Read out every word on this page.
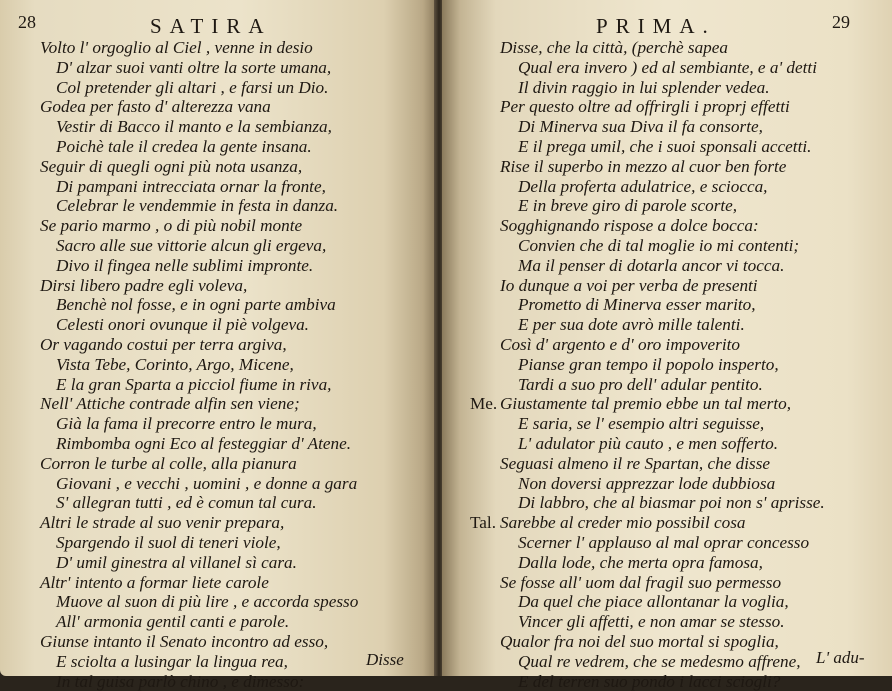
28	SATIRA
Volto l' orgoglio al Ciel , venne in desio
D' alzar suoi vanti oltre la sorte umana,
Col pretender gli altari , e farsi un Dio.
Godea per fasto d' alterezza vana
Vestir di Bacco il manto e la sembianza,
Poichè tale il credea la gente insana.
Seguir di quegli ogni più nota usanza,
Di pampani intrecciata ornar la fronte,
Celebrar le vendemmie in festa in danza.
Se pario marmo , o di più nobil monte
Sacro alle sue vittorie alcun gli ergeva,
Divo il fingea nelle sublimi impronte.
Dirsi libero padre egli voleva,
Benchè nol fosse, e in ogni parte ambiva
Celesti onori ovunque il piè volgeva.
Or vagando costui per terra argiva,
Vista Tebe, Corinto, Argo, Micene,
E la gran Sparta a picciol fiume in riva,
Nell' Attiche contrade alfin sen viene;
Già la fama il precorre entro le mura,
Rimbomba ogni Eco al festeggiar d' Atene.
Corron le turbe al colle, alla pianura
Giovani , e vecchi , uomini , e donne a gara
S' allegran tutti , ed è comun tal cura.
Altri le strade al suo venir prepara,
Spargendo il suol di teneri viole,
D' umil ginestra al villanel sì cara.
Altr' intento a formar liete carole
Muove al suon di più lire , e accorda spesso
All' armonia gentil canti e parole.
Giunse intanto il Senato incontro ad esso,
E sciolta a lusingar la lingua rea,
In tal guisa parlò chino , e dimesso:
Disse
PRIMA.	29
Disse, che la città, (perchè sapea
Qual era invero ) ed al sembiante, e a' detti
Il divin raggio in lui splender vedea.
Per questo oltre ad offrirgli i proprj effetti
Di Minerva sua Diva il fa consorte,
E il prega umil, che i suoi sponsali accetti.
Rise il superbo in mezzo al cuor ben forte
Della proferta adulatrice, e sciocca,
E in breve giro di parole scorte,
Sogghignando rispose a dolce bocca:
Convien che di tal moglie io mi contenti;
Ma il penser di dotarla ancor vi tocca.
Io dunque a voi per verba de presenti
Prometto di Minerva esser marito,
E per sua dote avrò mille talenti.
Così d' argento e d' oro impoverito
Pianse gran tempo il popolo insperto,
Tardi a suo pro dell' adular pentito.
Me. Giustamente tal premio ebbe un tal merto,
E saria, se l' esempio altri seguisse,
L' adulator più cauto , e men sofferto.
Seguasi almeno il re Spartan, che disse
Non doversi apprezzar lode dubbiosa
Di labbro, che al biasmar poi non s' aprisse.
Tal. Sarebbe al creder mio possibil cosa
Scerner l' applauso al mal oprar concesso
Dalla lode, che merta opra famosa,
Se fosse all' uom dal fragil suo permesso
Da quel che piace allontanar la voglia,
Vincer gli affetti, e non amar se stesso.
Qualor fra noi del suo mortal si spoglia,
Qual re vedrem, che se medesmo affrene,
E del terren suo pondo i lacci sciogli?
L' adu-
